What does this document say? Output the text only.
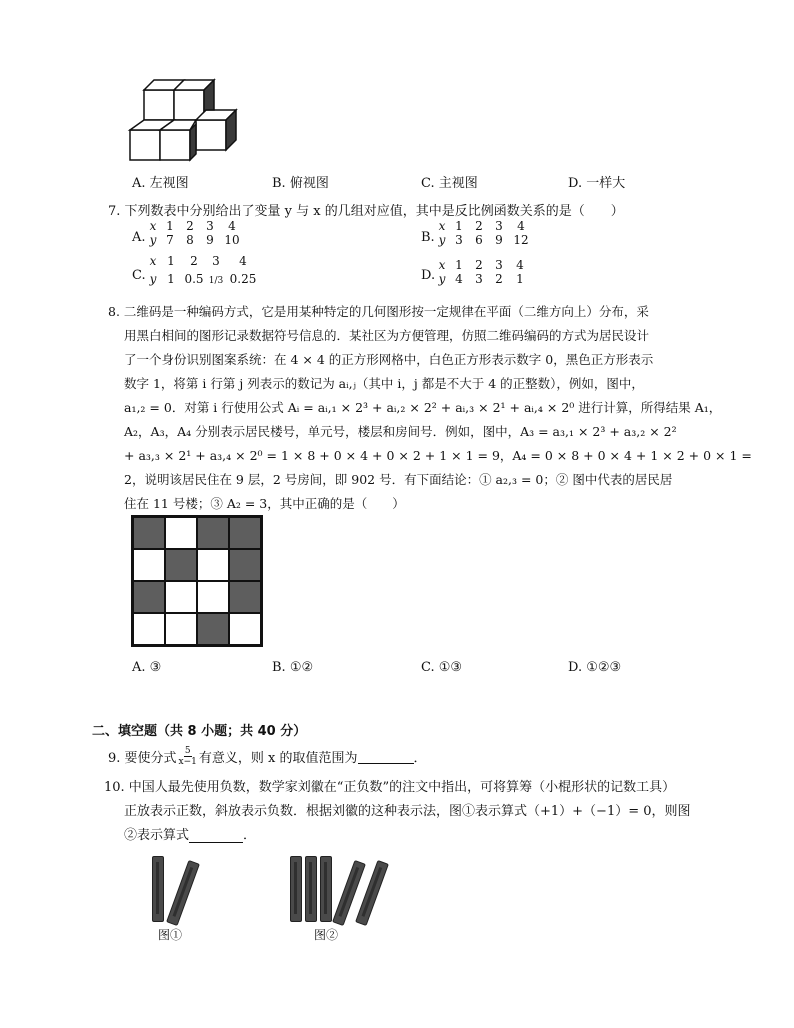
A. 左视图	B. 俯视图	C. 主视图	D. 一样大
7. 下列数表中分别给出了变量 y 与 x 的几组对应值，其中是反比例函数关系的是（　　）
A.
x 1 2 3 4
y 7 8 9 10	B.
x 1 2 3 4
y 3 6 9 12
C.
x 1 2 3 4
y 1 0.5 1/3 0.25	D.
x 1 2 3 4
y 4 3 2 1
8. 二维码是一种编码方式，它是用某种特定的几何图形按一定规律在平面（二维方向上）分布，采
用黑白相间的图形记录数据符号信息的．某社区为方便管理，仿照二维码编码的方式为居民设计
了一个身份识别图案系统：在 4 × 4 的正方形网格中，白色正方形表示数字 0，黑色正方形表示
数字 1，将第 i 行第 j 列表示的数记为 aᵢ,ⱼ（其中 i，j 都是不大于 4 的正整数），例如，图中，
a₁,₂ = 0．对第 i 行使用公式 Aᵢ = aᵢ,₁ × 2³ + aᵢ,₂ × 2² + aᵢ,₃ × 2¹ + aᵢ,₄ × 2⁰ 进行计算，所得结果 A₁，
A₂，A₃，A₄ 分别表示居民楼号，单元号，楼层和房间号．例如，图中，A₃ = a₃,₁ × 2³ + a₃,₂ × 2²
+ a₃,₃ × 2¹ + a₃,₄ × 2⁰ = 1 × 8 + 0 × 4 + 0 × 2 + 1 × 1 = 9，A₄ = 0 × 8 + 0 × 4 + 1 × 2 + 0 × 1 =
2，说明该居民住在 9 层，2 号房间，即 902 号．有下面结论：① a₂,₃ = 0；② 图中代表的居民居
住在 11 号楼；③ A₂ = 3，其中正确的是（　　）
A. ③	B. ①②	C. ①③	D. ①②③
二、填空题（共 8 小题；共 40 分）
9. 要使分式 $\frac{5}{x-1}$ 有意义，则 x 的取值范围为	．
10. 中国人最先使用负数，数学家刘徽在“正负数”的注文中指出，可将算筹（小棍形状的记数工具）
正放表示正数，斜放表示负数．根据刘徽的这种表示法，图①表示算式（+1）+（−1）= 0，则图
②表示算式	．
图①	图②
